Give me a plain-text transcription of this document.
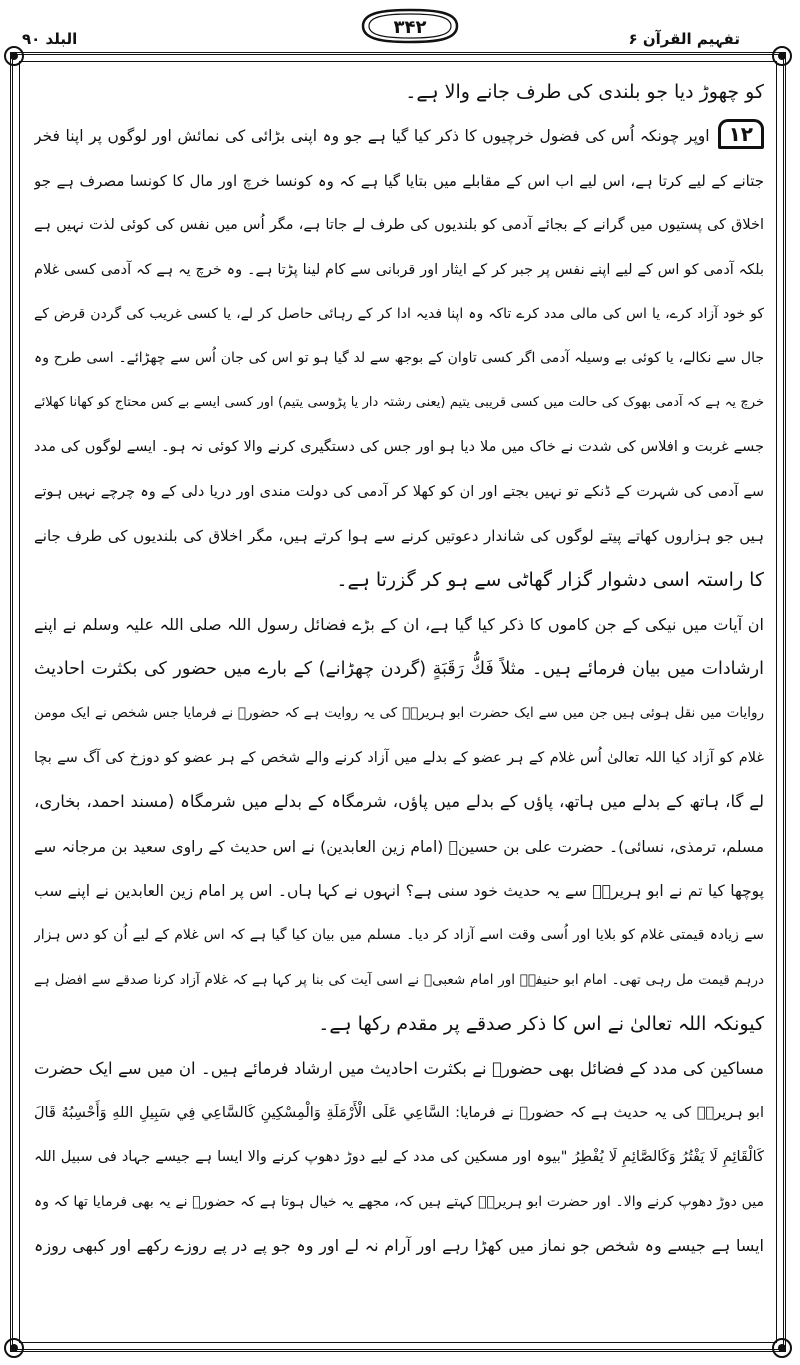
البلد ۹۰
۳۴۲
تفہیم القرآن ۶
کو چھوڑ دیا جو بلندی کی طرف جانے والا ہے۔
۱۲اوپر چونکہ اُس کی فضول خرچیوں کا ذکر کیا گیا ہے جو وہ اپنی بڑائی کی نمائش اور لوگوں پر اپنا فخر
جتانے کے لیے کرتا ہے، اس لیے اب اس کے مقابلے میں بتایا گیا ہے کہ وہ کونسا خرچ اور مال کا کونسا مصرف ہے جو
اخلاق کی پستیوں میں گرانے کے بجائے آدمی کو بلندیوں کی طرف لے جاتا ہے، مگر اُس میں نفس کی کوئی لذت نہیں ہے
بلکہ آدمی کو اس کے لیے اپنے نفس پر جبر کر کے ایثار اور قربانی سے کام لینا پڑتا ہے۔ وہ خرچ یہ ہے کہ آدمی کسی غلام
کو خود آزاد کرے، یا اس کی مالی مدد کرے تاکہ وہ اپنا فدیہ ادا کر کے رہائی حاصل کر لے، یا کسی غریب کی گردن قرض کے
جال سے نکالے، یا کوئی بے وسیلہ آدمی اگر کسی تاوان کے بوجھ سے لد گیا ہو تو اس کی جان اُس سے چھڑائے۔ اسی طرح وہ
خرچ یہ ہے کہ آدمی بھوک کی حالت میں کسی قریبی یتیم (یعنی رشتہ دار یا پڑوسی یتیم) اور کسی ایسے بے کس محتاج کو کھانا کھلائے
جسے غربت و افلاس کی شدت نے خاک میں ملا دیا ہو اور جس کی دستگیری کرنے والا کوئی نہ ہو۔ ایسے لوگوں کی مدد
سے آدمی کی شہرت کے ڈنکے تو نہیں بجتے اور ان کو کھلا کر آدمی کی دولت مندی اور دریا دلی کے وہ چرچے نہیں ہوتے
ہیں جو ہزاروں کھاتے پیتے لوگوں کی شاندار دعوتیں کرنے سے ہوا کرتے ہیں، مگر اخلاق کی بلندیوں کی طرف جانے
کا راستہ اسی دشوار گزار گھاٹی سے ہو کر گزرتا ہے۔
ان آیات میں نیکی کے جن کاموں کا ذکر کیا گیا ہے، ان کے بڑے فضائل رسول اللہ صلی اللہ علیہ وسلم نے اپنے
ارشادات میں بیان فرمائے ہیں۔ مثلاً فَكُّ رَقَبَةٍ (گردن چھڑانے) کے بارے میں حضور کی بکثرت احادیث
روایات میں نقل ہوئی ہیں جن میں سے ایک حضرت ابو ہریرہؓ کی یہ روایت ہے کہ حضورؐ نے فرمایا جس شخص نے ایک مومن
غلام کو آزاد کیا اللہ تعالیٰ اُس غلام کے ہر عضو کے بدلے میں آزاد کرنے والے شخص کے ہر عضو کو دوزخ کی آگ سے بچا
لے گا، ہاتھ کے بدلے میں ہاتھ، پاؤں کے بدلے میں پاؤں، شرمگاہ کے بدلے میں شرمگاہ (مسند احمد، بخاری،
مسلم، ترمذی، نسائی)۔ حضرت علی بن حسینؓ (امام زین العابدین) نے اس حدیث کے راوی سعید بن مرجانہ سے
پوچھا کیا تم نے ابو ہریرہؓ سے یہ حدیث خود سنی ہے؟ انہوں نے کہا ہاں۔ اس پر امام زین العابدین نے اپنے سب
سے زیادہ قیمتی غلام کو بلایا اور اُسی وقت اسے آزاد کر دیا۔ مسلم میں بیان کیا گیا ہے کہ اس غلام کے لیے اُن کو دس ہزار
درہم قیمت مل رہی تھی۔ امام ابو حنیفہؒ اور امام شعبیؒ نے اسی آیت کی بنا پر کہا ہے کہ غلام آزاد کرنا صدقے سے افضل ہے
کیونکہ اللہ تعالیٰ نے اس کا ذکر صدقے پر مقدم رکھا ہے۔
مساکین کی مدد کے فضائل بھی حضورؐ نے بکثرت احادیث میں ارشاد فرمائے ہیں۔ ان میں سے ایک حضرت
ابو ہریرہؓ کی یہ حدیث ہے کہ حضورؐ نے فرمایا: السَّاعِي عَلَى الْأَرْمَلَةِ وَالْمِسْكِينِ كَالسَّاعِي فِي سَبِيلِ اللهِ وَأَحْسِبُهُ قَالَ
كَالْقَائِمِ لَا يَفْتُرُ وَكَالصَّائِمِ لَا يُفْطِرُ "بیوہ اور مسکین کی مدد کے لیے دوڑ دھوپ کرنے والا ایسا ہے جیسے جہاد فی سبیل اللہ
میں دوڑ دھوپ کرنے والا۔ اور حضرت ابو ہریرہؓ کہتے ہیں کہ، مجھے یہ خیال ہوتا ہے کہ حضورؐ نے یہ بھی فرمایا تھا کہ وہ
ایسا ہے جیسے وہ شخص جو نماز میں کھڑا رہے اور آرام نہ لے اور وہ جو پے در پے روزے رکھے اور کبھی روزہ
